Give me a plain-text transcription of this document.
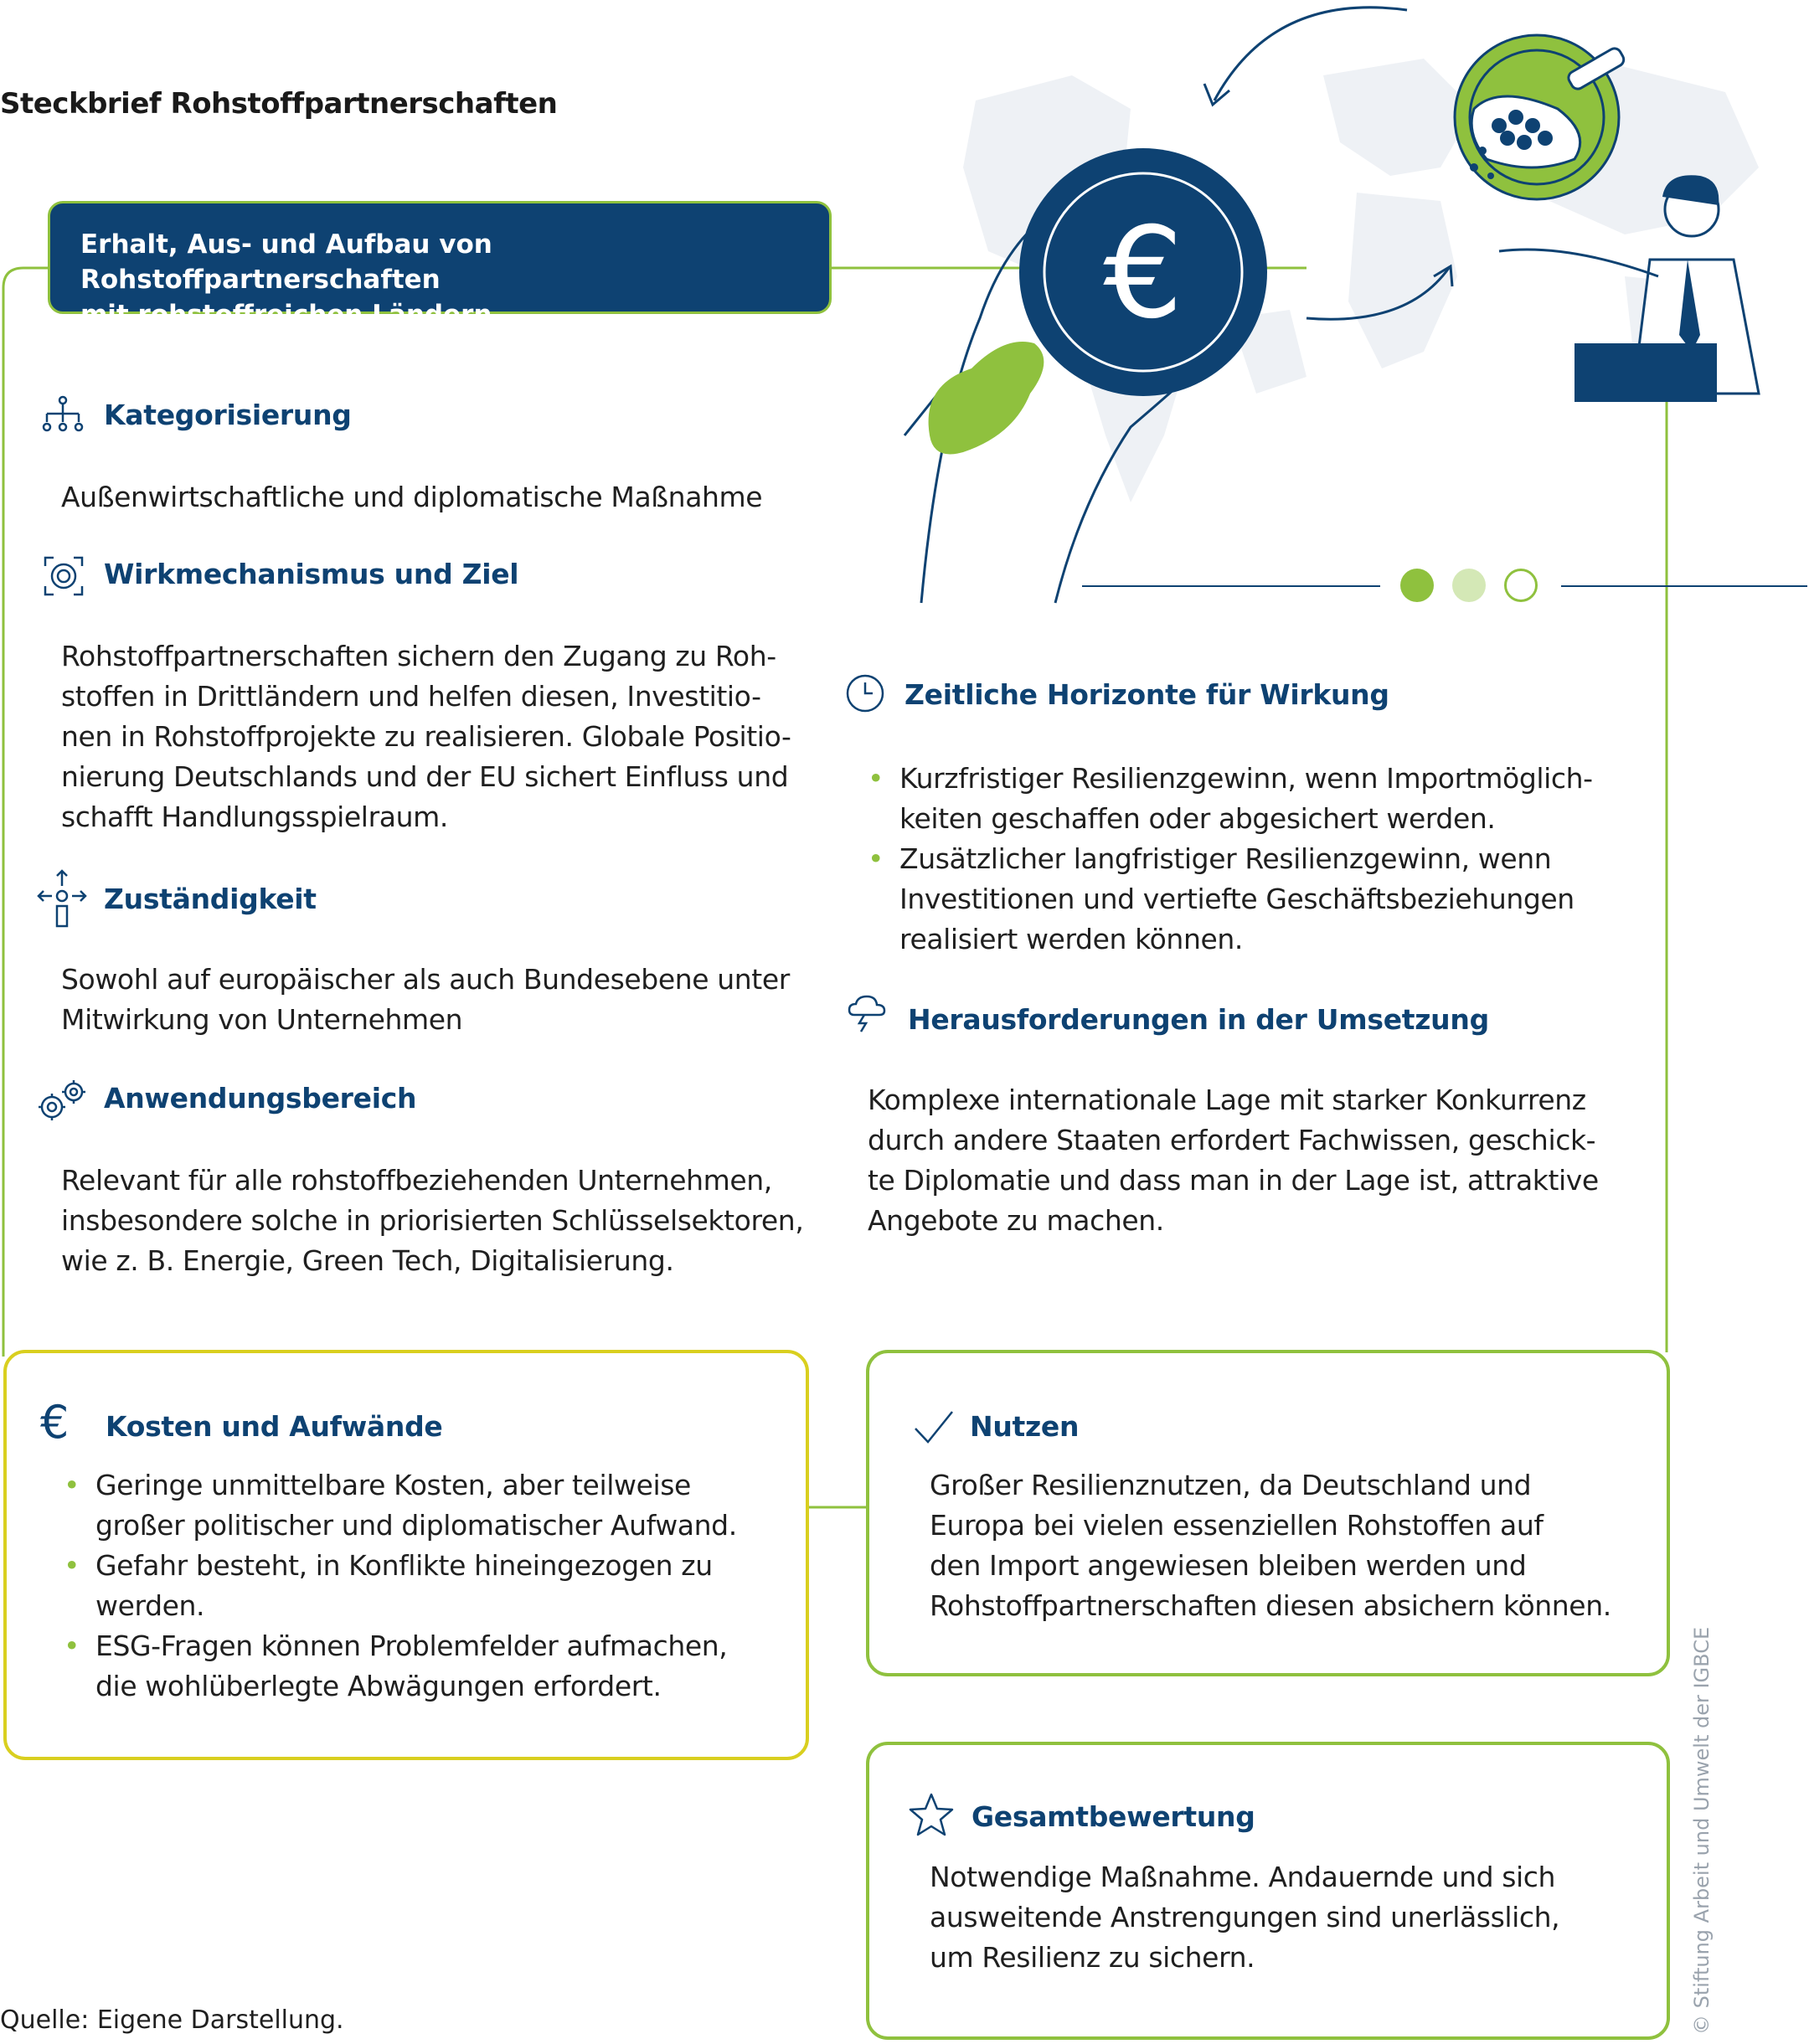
Steckbrief Rohstoffpartnerschaften
€
Erhalt, Aus- und Aufbau von Rohstoffpartnerschaften
mit rohstoffreichen Ländern
Kategorisierung
Außenwirtschaftliche und diplomatische Maßnahme
Wirkmechanismus und Ziel
Rohstoffpartnerschaften sichern den Zugang zu Roh-
stoffen in Drittländern und helfen diesen, Investitio-
nen in Rohstoffprojekte zu realisieren. Globale Positio-
nierung Deutschlands und der EU sichert Einfluss und
schafft Handlungsspielraum.
Zuständigkeit
Sowohl auf europäischer als auch Bundesebene unter
Mitwirkung von Unternehmen
Anwendungsbereich
Relevant für alle rohstoffbeziehenden Unternehmen,
insbesondere solche in priorisierten Schlüsselsektoren,
wie z. B. Energie, Green Tech, Digitalisierung.
Zeitliche Horizonte für Wirkung
• Kurzfristiger Resilienzgewinn, wenn Importmöglich-
keiten geschaffen oder abgesichert werden.
• Zusätzlicher langfristiger Resilienzgewinn, wenn
Investitionen und vertiefte Geschäftsbeziehungen
realisiert werden können.
Herausforderungen in der Umsetzung
Komplexe internationale Lage mit starker Konkurrenz
durch andere Staaten erfordert Fachwissen, geschick-
te Diplomatie und dass man in der Lage ist, attraktive
Angebote zu machen.
€ Kosten und Aufwände
• Geringe unmittelbare Kosten, aber teilweise
großer politischer und diplomatischer Aufwand.
• Gefahr besteht, in Konflikte hineingezogen zu
werden.
• ESG-Fragen können Problemfelder aufmachen,
die wohlüberlegte Abwägungen erfordert.
Nutzen
Großer Resilienznutzen, da Deutschland und
Europa bei vielen essenziellen Rohstoffen auf
den Import angewiesen bleiben werden und
Rohstoffpartnerschaften diesen absichern können.
Gesamtbewertung
Notwendige Maßnahme. Andauernde und sich
ausweitende Anstrengungen sind unerlässlich,
um Resilienz zu sichern.
Quelle: Eigene Darstellung.	© Stiftung Arbeit und Umwelt der IGBCE
